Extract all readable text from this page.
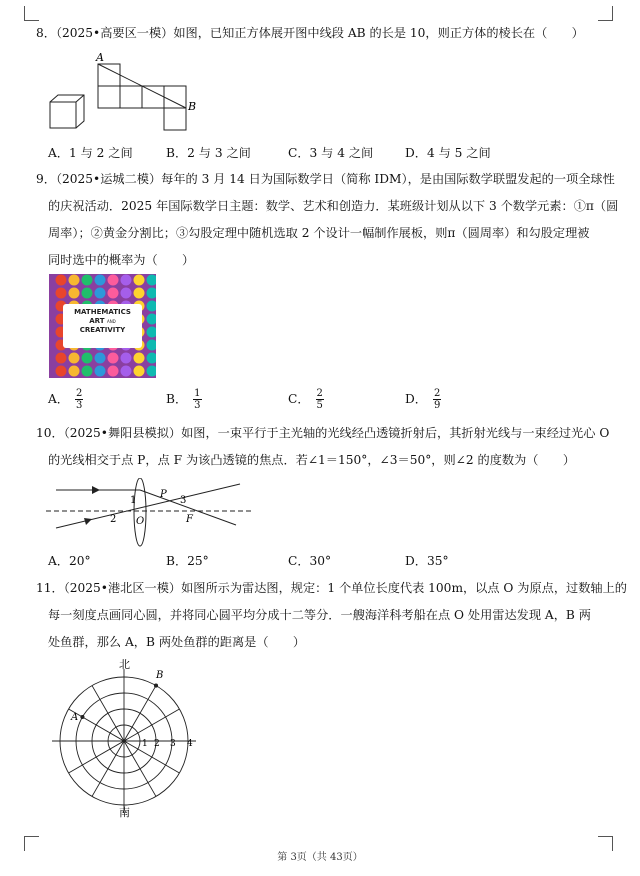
8．（2025•高要区一模）如图，已知正方体展开图中线段 AB 的长是 10，则正方体的棱长在（　　）
A
B
A．1 与 2 之间	B．2 与 3 之间	C．3 与 4 之间	D．4 与 5 之间
9．（2025•运城二模）每年的 3 月 14 日为国际数学日（简称 IDM），是由国际数学联盟发起的一项全球性
的庆祝活动．2025 年国际数学日主题：数学、艺术和创造力．某班级计划从以下 3 个数学元素：①π（圆
周率）；②黄金分割比；③勾股定理中随机选取 2 个设计一幅制作展板，则π（圆周率）和勾股定理被
同时选中的概率为（　　）
MATHEMATICS
ART AND
CREATIVITY
A． $\frac{2}{3}$	B． $\frac{1}{3}$	C． $\frac{2}{5}$	D． $\frac{2}{9}$
10．（2025•舞阳县模拟）如图，一束平行于主光轴的光线经凸透镜折射后，其折射光线与一束经过光心 O
的光线相交于点 P，点 F 为该凸透镜的焦点．若∠1＝150°，∠3＝50°，则∠2 的度数为（　　）
1
2
3
O
P
F
A．20°	B．25°	C．30°	D．35°
11．（2025•港北区一模）如图所示为雷达图，规定：1 个单位长度代表 100m，以点 O 为原点，过数轴上的
每一刻度点画同心圆，并将同心圆平均分成十二等分．一艘海洋科考船在点 O 处用雷达发现 A，B 两
处鱼群，那么 A，B 两处鱼群的距离是（　　）
北
南
B
A
1 2 3 4
第 3页（共 43页）
